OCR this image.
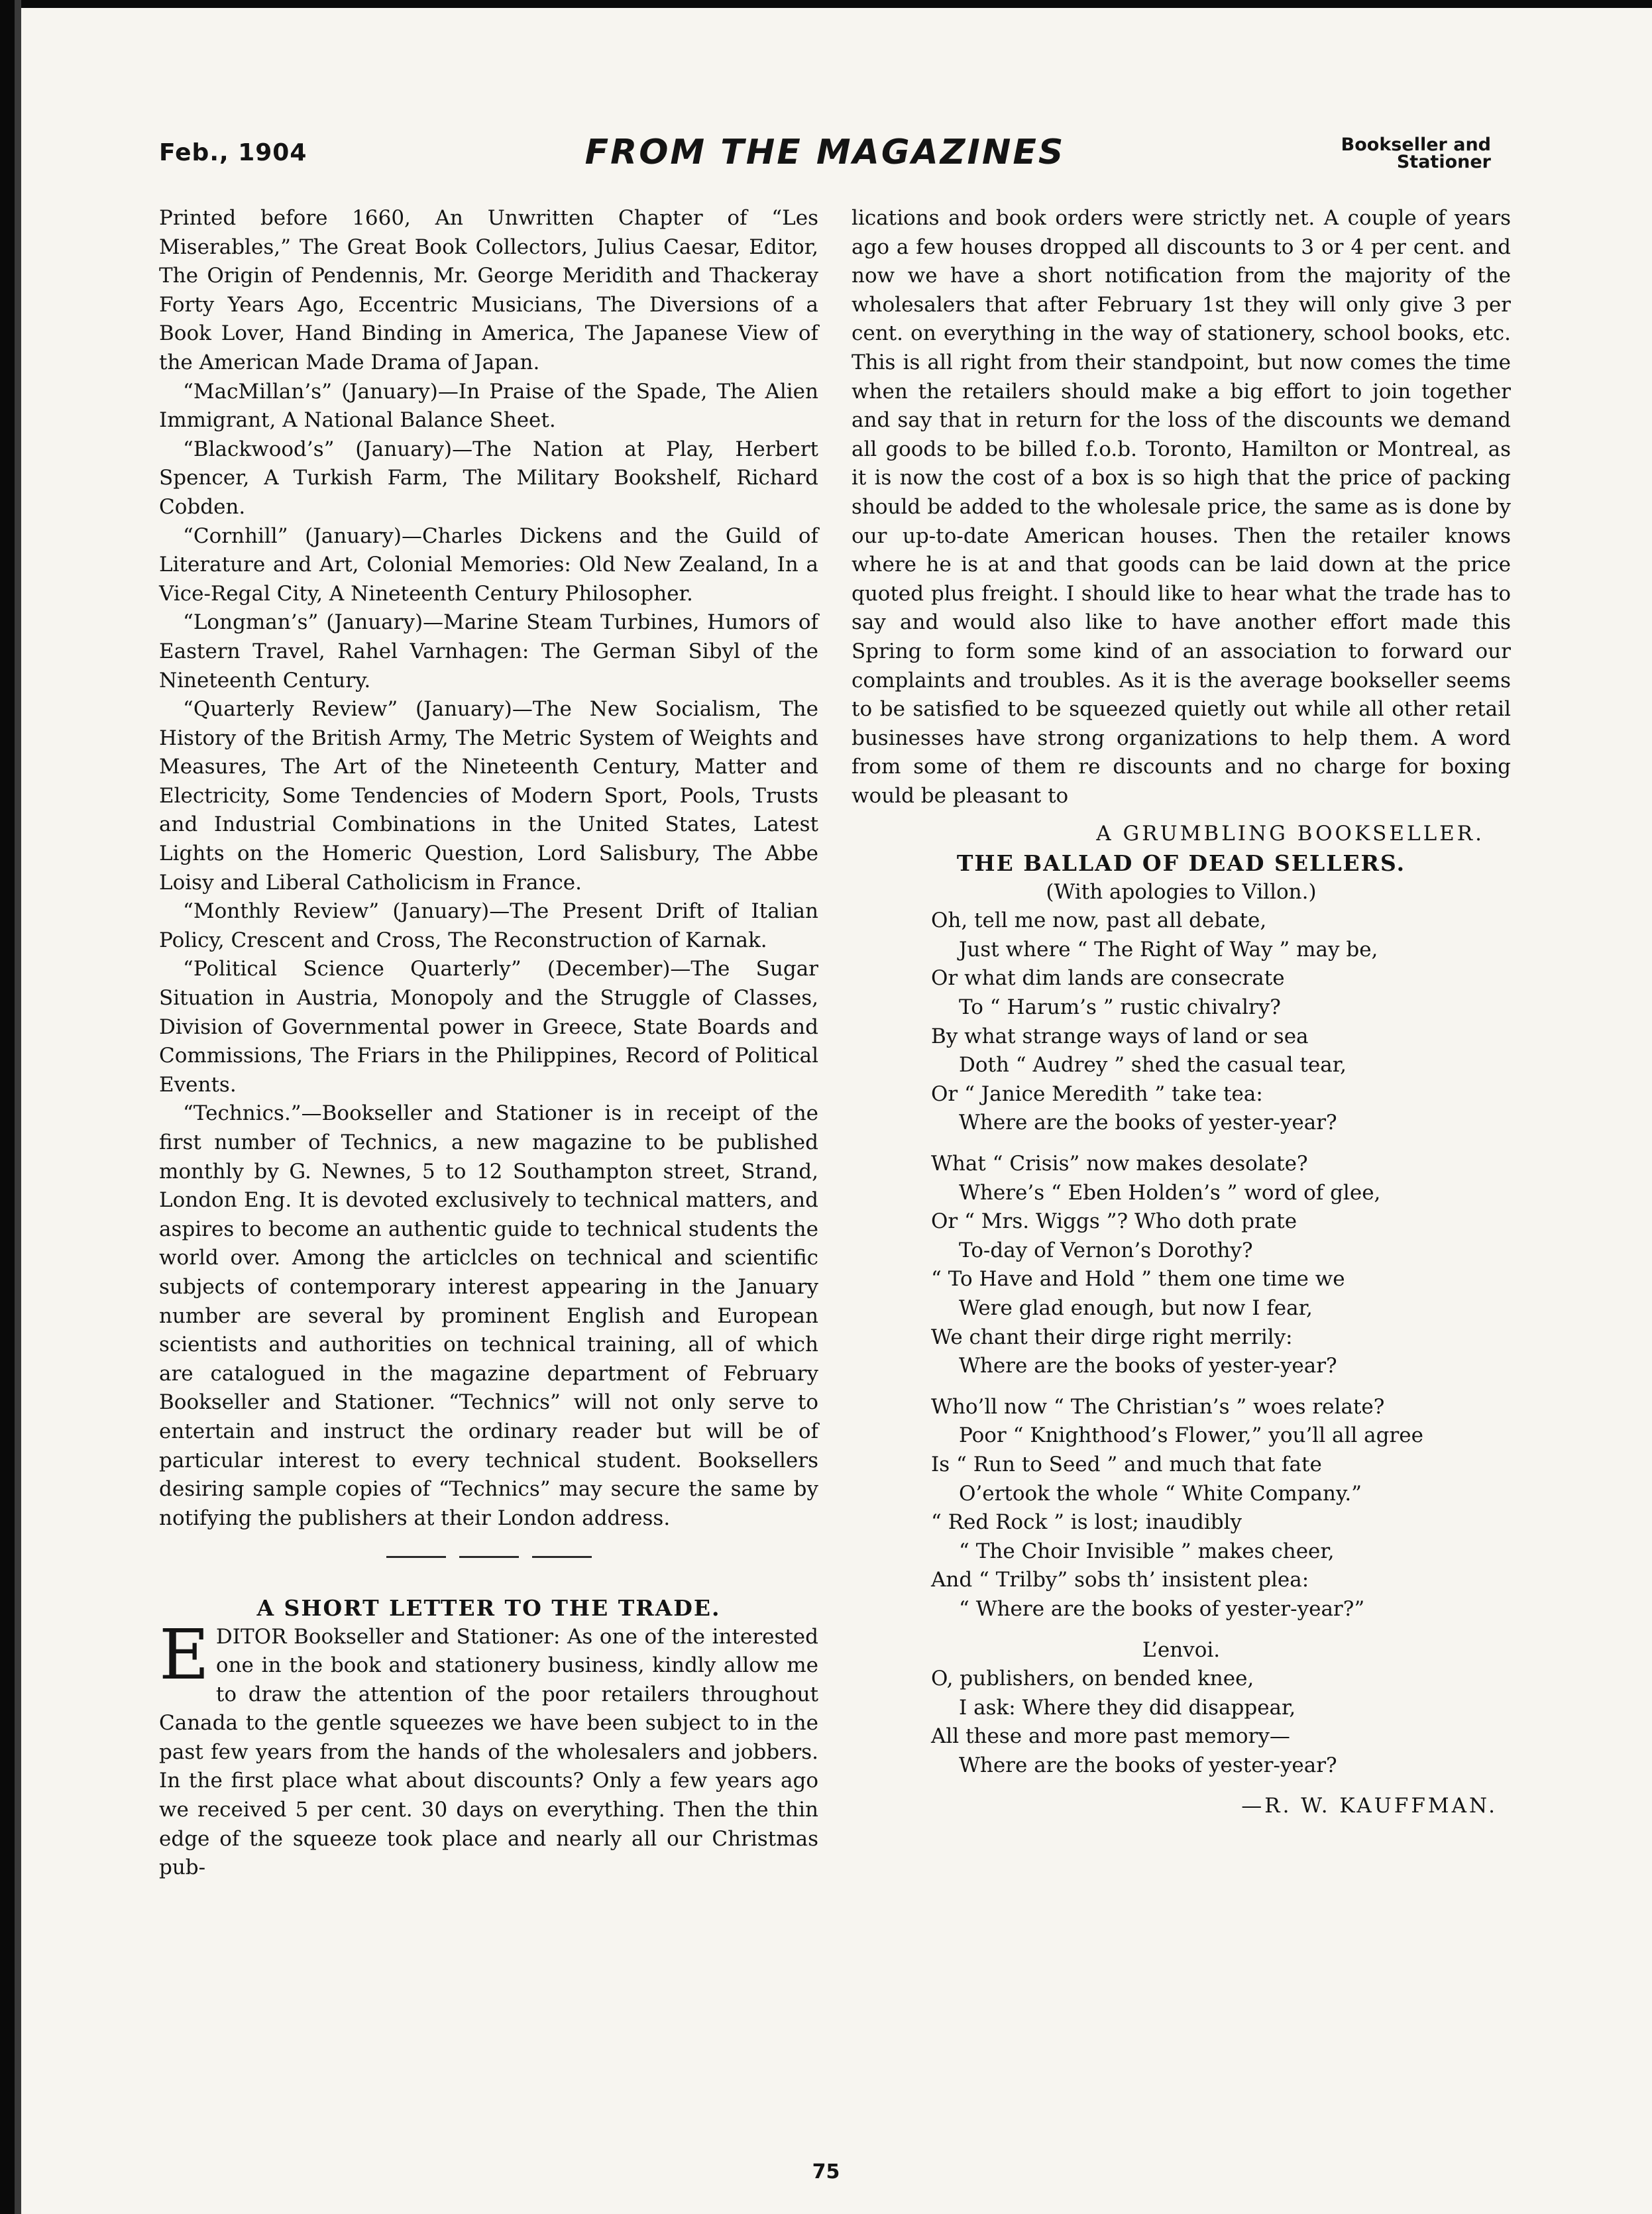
Feb., 1904	FROM THE MAGAZINES	Bookseller and
Stationer

Printed before 1660, An Unwritten Chapter of “Les Miserables,” The Great Book Collectors, Julius Caesar, Editor, The Origin of Pendennis, Mr. George Meridith and Thackeray Forty Years Ago, Eccentric Musicians, The Diversions of a Book Lover, Hand Binding in America, The Japanese View of the American Made Drama of Japan.

“MacMillan’s” (January)—In Praise of the Spade, The Alien Immigrant, A National Balance Sheet.

“Blackwood’s” (January)—The Nation at Play, Herbert Spencer, A Turkish Farm, The Military Bookshelf, Richard Cobden.

“Cornhill” (January)—Charles Dickens and the Guild of Literature and Art, Colonial Memories: Old New Zealand, In a Vice-Regal City, A Nineteenth Century Philosopher.

“Longman’s” (January)—Marine Steam Turbines, Humors of Eastern Travel, Rahel Varnhagen: The German Sibyl of the Nineteenth Century.

“Quarterly Review” (January)—The New Socialism, The History of the British Army, The Metric System of Weights and Measures, The Art of the Nineteenth Century, Matter and Electricity, Some Tendencies of Modern Sport, Pools, Trusts and Industrial Combinations in the United States, Latest Lights on the Homeric Question, Lord Salisbury, The Abbe Loisy and Liberal Catholicism in France.

“Monthly Review” (January)—The Present Drift of Italian Policy, Crescent and Cross, The Reconstruction of Karnak.

“Political Science Quarterly” (December)—The Sugar Situation in Austria, Monopoly and the Struggle of Classes, Division of Governmental power in Greece, State Boards and Commissions, The Friars in the Philippines, Record of Political Events.

“Technics.”—Bookseller and Stationer is in receipt of the first number of Technics, a new magazine to be published monthly by G. Newnes, 5 to 12 Southampton street, Strand, London Eng. It is devoted exclusively to technical matters, and aspires to become an authentic guide to technical students the world over. Among the articlcles on technical and scientific subjects of contemporary interest appearing in the January number are several by prominent English and European scientists and authorities on technical training, all of which are catalogued in the magazine department of February Bookseller and Stationer. “Technics” will not only serve to entertain and instruct the ordinary reader but will be of particular interest to every technical student. Booksellers desiring sample copies of “Technics” may secure the same by notifying the publishers at their London address.

A SHORT LETTER TO THE TRADE.

EDITOR Bookseller and Stationer: As one of the interested one in the book and stationery business, kindly allow me to draw the attention of the poor retailers throughout Canada to the gentle squeezes we have been subject to in the past few years from the hands of the wholesalers and jobbers. In the first place what about discounts? Only a few years ago we received 5 per cent. 30 days on everything. Then the thin edge of the squeeze took place and nearly all our Christmas pub-

lications and book orders were strictly net. A couple of years ago a few houses dropped all discounts to 3 or 4 per cent. and now we have a short notification from the majority of the wholesalers that after February 1st they will only give 3 per cent. on everything in the way of stationery, school books, etc. This is all right from their standpoint, but now comes the time when the retailers should make a big effort to join together and say that in return for the loss of the discounts we demand all goods to be billed f.o.b. Toronto, Hamilton or Montreal, as it is now the cost of a box is so high that the price of packing should be added to the wholesale price, the same as is done by our up-to-date American houses. Then the retailer knows where he is at and that goods can be laid down at the price quoted plus freight. I should like to hear what the trade has to say and would also like to have another effort made this Spring to form some kind of an association to forward our complaints and troubles. As it is the average bookseller seems to be satisfied to be squeezed quietly out while all other retail businesses have strong organizations to help them. A word from some of them re discounts and no charge for boxing would be pleasant to

A GRUMBLING BOOKSELLER.

THE BALLAD OF DEAD SELLERS.

(With apologies to Villon.)

Oh, tell me now, past all debate,
Just where “ The Right of Way ” may be,
Or what dim lands are consecrate
To “ Harum’s ” rustic chivalry?
By what strange ways of land or sea
Doth “ Audrey ” shed the casual tear,
Or “ Janice Meredith ” take tea:
Where are the books of yester-year?
What “ Crisis” now makes desolate?
Where’s “ Eben Holden’s ” word of glee,
Or “ Mrs. Wiggs ”? Who doth prate
To-day of Vernon’s Dorothy?
“ To Have and Hold ” them one time we
Were glad enough, but now I fear,
We chant their dirge right merrily:
Where are the books of yester-year?
Who’ll now “ The Christian’s ” woes relate?
Poor “ Knighthood’s Flower,” you’ll all agree
Is “ Run to Seed ” and much that fate
O’ertook the whole “ White Company.”
“ Red Rock ” is lost; inaudibly
“ The Choir Invisible ” makes cheer,
And “ Trilby” sobs th’ insistent plea:
“ Where are the books of yester-year?”

L’envoi.

O, publishers, on bended knee,
I ask: Where they did disappear,
All these and more past memory—
Where are the books of yester-year?

—R. W. KAUFFMAN.

75
